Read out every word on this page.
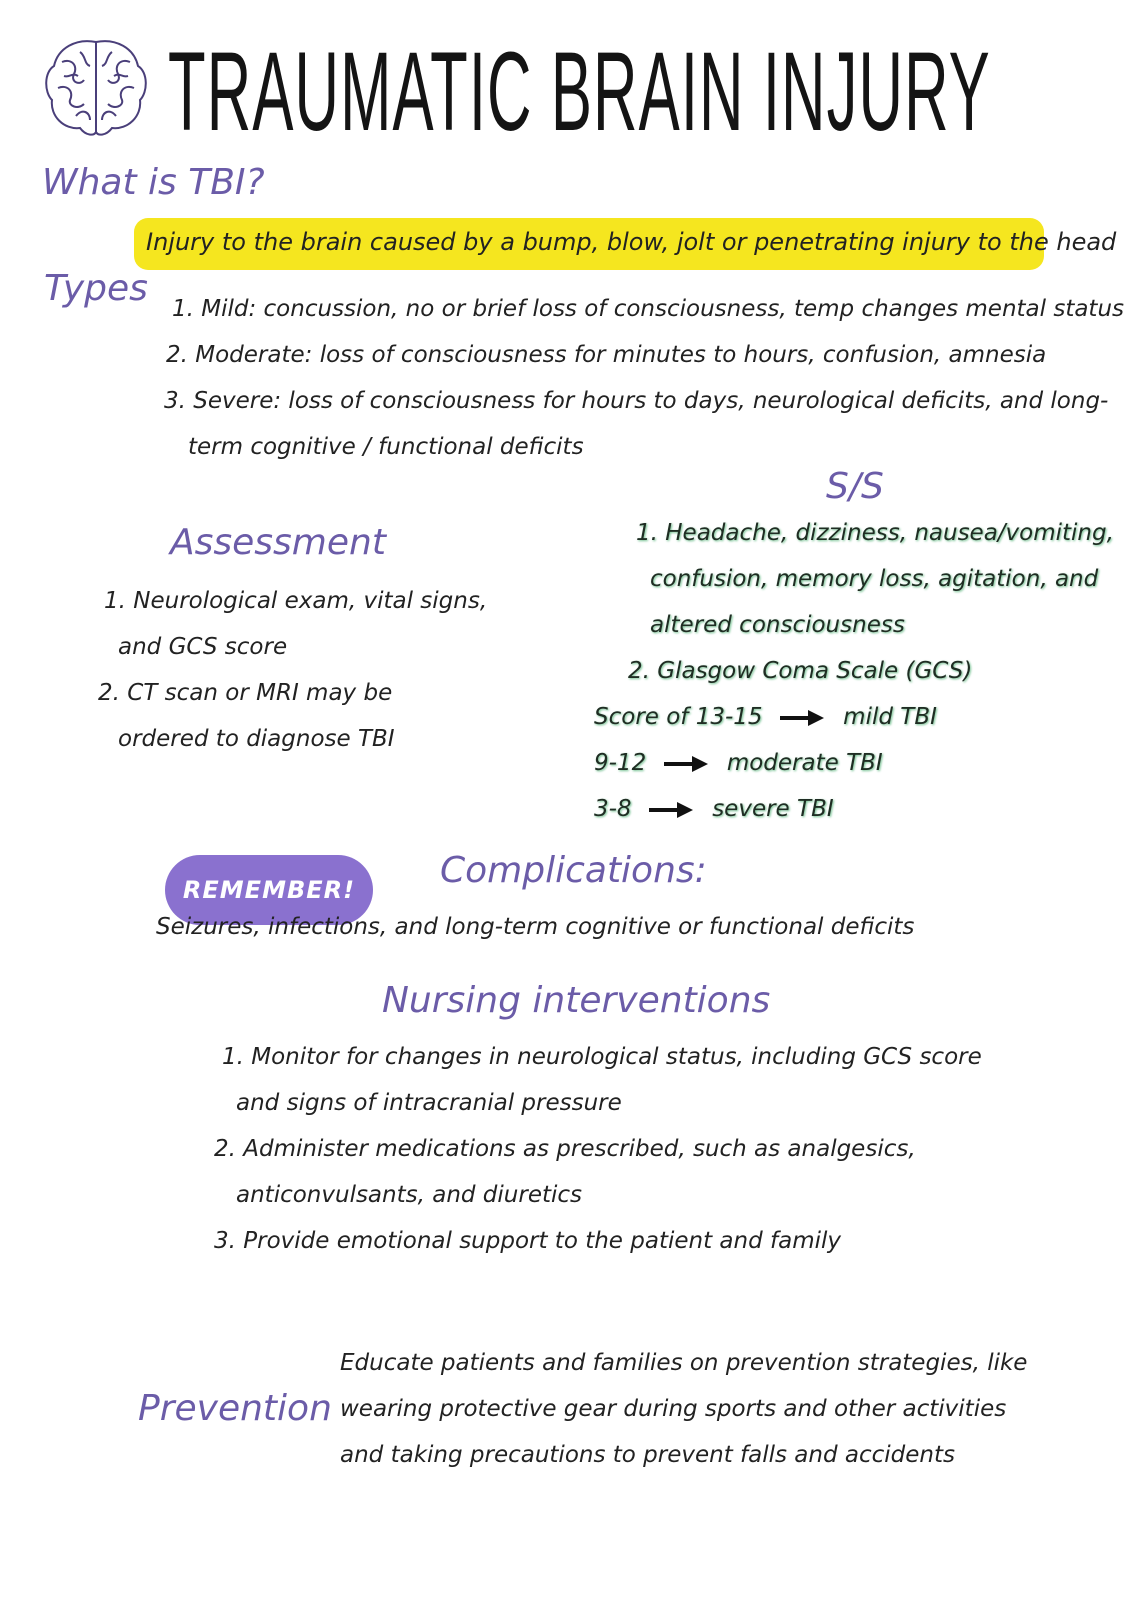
TRAUMATIC BRAIN INJURY
What is TBI?
Injury to the brain caused by a bump, blow, jolt or penetrating injury to the head
Types 1. Mild: concussion, no or brief loss of consciousness, temp changes mental status
2. Moderate: loss of consciousness for minutes to hours, confusion, amnesia
3. Severe: loss of consciousness for hours to days, neurological deficits, and long-
term cognitive / functional deficits
Assessment
1. Neurological exam, vital signs,
and GCS score
2. CT scan or MRI may be
ordered to diagnose TBI
S/S
1. Headache, dizziness, nausea/vomiting,
confusion, memory loss, agitation, and
altered consciousness
2. Glasgow Coma Scale (GCS)
Score of 13-15	mild TBI
9-12	moderate TBI
3-8	severe TBI
REMEMBER!	Complications:
Seizures, infections, and long-term cognitive or functional deficits
Nursing interventions
1. Monitor for changes in neurological status, including GCS score
and signs of intracranial pressure
2. Administer medications as prescribed, such as analgesics,
anticonvulsants, and diuretics
3. Provide emotional support to the patient and family
Prevention
Educate patients and families on prevention strategies, like
wearing protective gear during sports and other activities
and taking precautions to prevent falls and accidents
